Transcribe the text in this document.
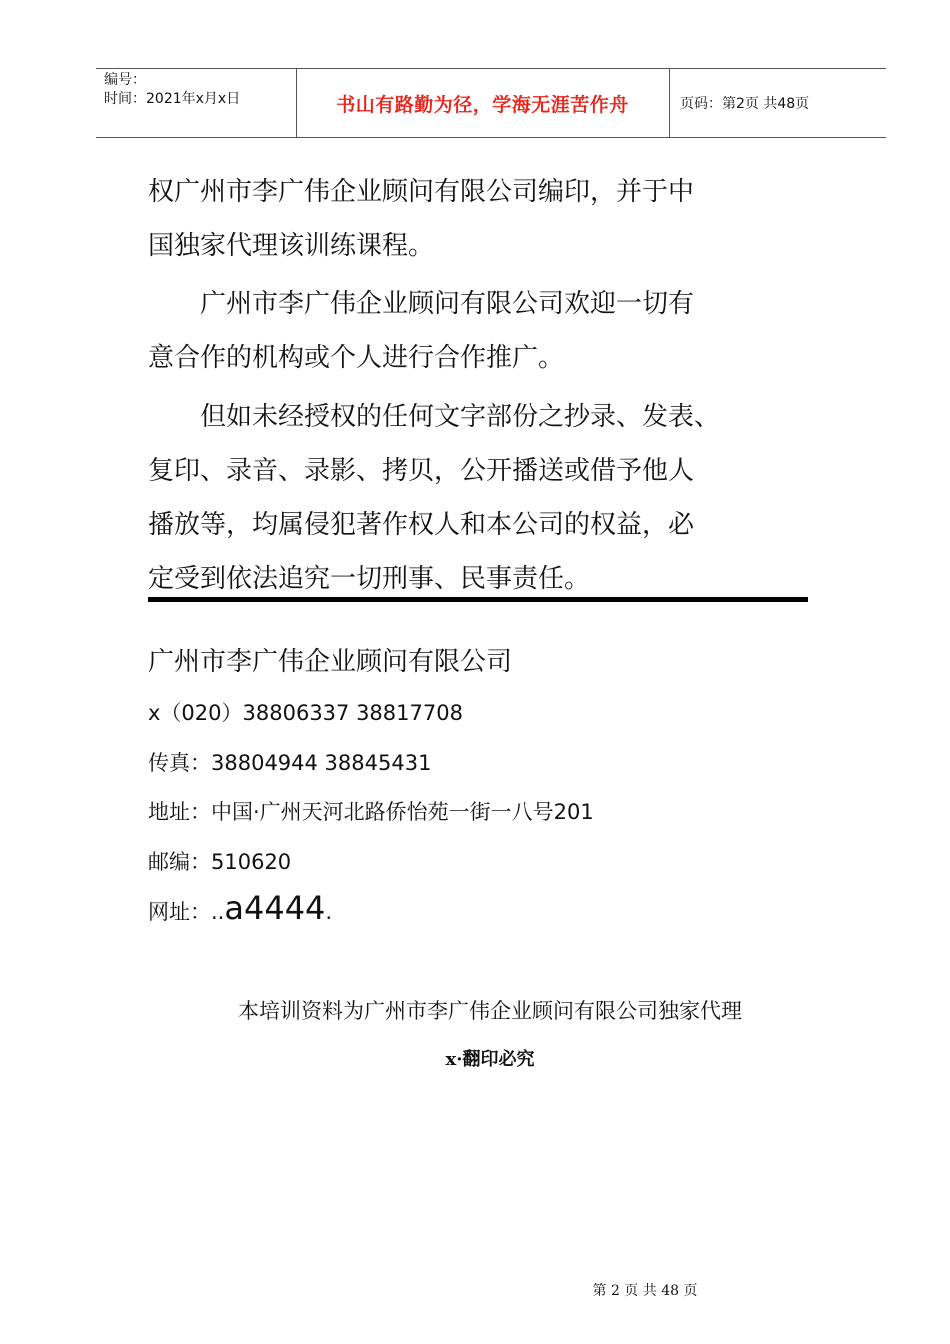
编号：
时间：2021年x月x日	书山有路勤为径，学海无涯苦作舟	页码：第2页 共48页
权广州市李广伟企业顾问有限公司编印，并于中
国独家代理该训练课程。
　　广州市李广伟企业顾问有限公司欢迎一切有
意合作的机构或个人进行合作推广。
　　但如未经授权的任何文字部份之抄录、发表、
复印、录音、录影、拷贝，公开播送或借予他人
播放等，均属侵犯著作权人和本公司的权益，必
定受到依法追究一切刑事、民事责任。
广州市李广伟企业顾问有限公司
x（020）38806337 38817708
传真：38804944 38845431
地址：中国·广州天河北路侨怡苑一街一八号201
邮编：510620
网址：..a4444.
本培训资料为广州市李广伟企业顾问有限公司独家代理
x·翻印必究
第 2 页 共 48 页
